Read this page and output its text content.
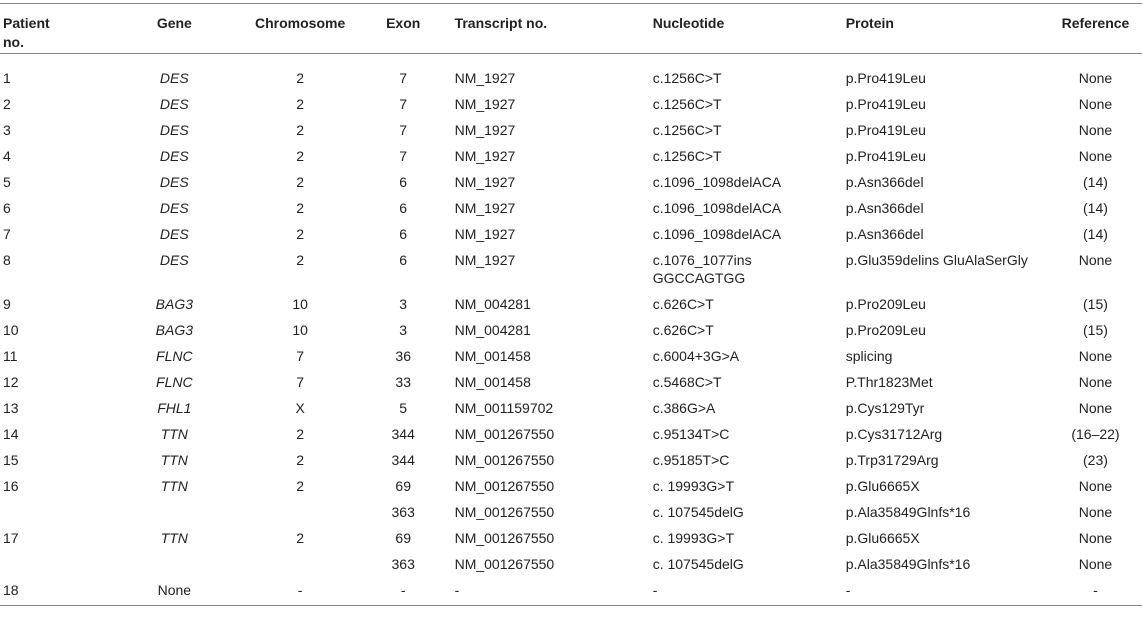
Patient
no.	Gene	Chromosome	Exon	Transcript no.	Nucleotide	Protein	Reference
1	DES	2	7	NM_1927	c.1256C>T	p.Pro419Leu	None
2	DES	2	7	NM_1927	c.1256C>T	p.Pro419Leu	None
3	DES	2	7	NM_1927	c.1256C>T	p.Pro419Leu	None
4	DES	2	7	NM_1927	c.1256C>T	p.Pro419Leu	None
5	DES	2	6	NM_1927	c.1096_1098delACA	p.Asn366del	(14)
6	DES	2	6	NM_1927	c.1096_1098delACA	p.Asn366del	(14)
7	DES	2	6	NM_1927	c.1096_1098delACA	p.Asn366del	(14)
8	DES	2	6	NM_1927	c.1076_1077ins GGCCAGTGG	p.Glu359delins GluAlaSerGly	None
9	BAG3	10	3	NM_004281	c.626C>T	p.Pro209Leu	(15)
10	BAG3	10	3	NM_004281	c.626C>T	p.Pro209Leu	(15)
11	FLNC	7	36	NM_001458	c.6004+3G>A	splicing	None
12	FLNC	7	33	NM_001458	c.5468C>T	P.Thr1823Met	None
13	FHL1	X	5	NM_001159702	c.386G>A	p.Cys129Tyr	None
14	TTN	2	344	NM_001267550	c.95134T>C	p.Cys31712Arg	(16–22)
15	TTN	2	344	NM_001267550	c.95185T>C	p.Trp31729Arg	(23)
16	TTN	2	69	NM_001267550	c. 19993G>T	p.Glu6665X	None
			363	NM_001267550	c. 107545delG	p.Ala35849Glnfs*16	None
17	TTN	2	69	NM_001267550	c. 19993G>T	p.Glu6665X	None
			363	NM_001267550	c. 107545delG	p.Ala35849Glnfs*16	None
18	None	-	-	-	-	-	-
